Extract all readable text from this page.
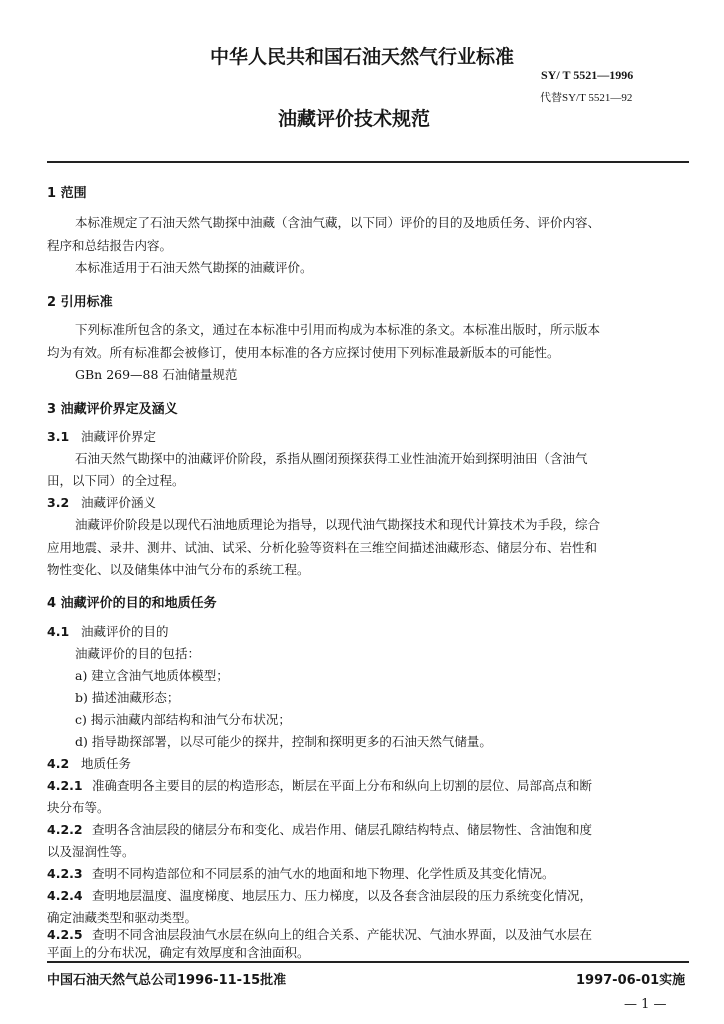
中华人民共和国石油天然气行业标准
SY/ T 5521—1996
代替SY/T 5521—92
油藏评价技术规范
1 范围
本标准规定了石油天然气勘探中油藏（含油气藏，以下同）评价的目的及地质任务、评价内容、
程序和总结报告内容。
本标准适用于石油天然气勘探的油藏评价。
2 引用标准
下列标准所包含的条文，通过在本标准中引用而构成为本标准的条文。本标准出版时，所示版本
均为有效。所有标准都会被修订，使用本标准的各方应探讨使用下列标准最新版本的可能性。
GBn 269—88 石油储量规范
3 油藏评价界定及涵义
3.1 油藏评价界定
石油天然气勘探中的油藏评价阶段，系指从圈闭预探获得工业性油流开始到探明油田（含油气
田，以下同）的全过程。
3.2 油藏评价涵义
油藏评价阶段是以现代石油地质理论为指导，以现代油气勘探技术和现代计算技术为手段，综合
应用地震、录井、测井、试油、试采、分析化验等资料在三维空间描述油藏形态、储层分布、岩性和
物性变化、以及储集体中油气分布的系统工程。
4 油藏评价的目的和地质任务
4.1 油藏评价的目的
油藏评价的目的包括：
a) 建立含油气地质体模型；
b) 描述油藏形态；
c) 揭示油藏内部结构和油气分布状况；
d) 指导勘探部署，以尽可能少的探井，控制和探明更多的石油天然气储量。
4.2 地质任务
4.2.1 准确查明各主要目的层的构造形态，断层在平面上分布和纵向上切割的层位、局部高点和断
块分布等。
4.2.2 查明各含油层段的储层分布和变化、成岩作用、储层孔隙结构特点、储层物性、含油饱和度
以及湿润性等。
4.2.3 查明不同构造部位和不同层系的油气水的地面和地下物理、化学性质及其变化情况。
4.2.4 查明地层温度、温度梯度、地层压力、压力梯度，以及各套含油层段的压力系统变化情况，
确定油藏类型和驱动类型。
4.2.5 查明不同含油层段油气水层在纵向上的组合关系、产能状况、气油水界面，以及油气水层在
平面上的分布状况，确定有效厚度和含油面积。
中国石油天然气总公司1996-11-15批准	1997-06-01实施
— 1 —
